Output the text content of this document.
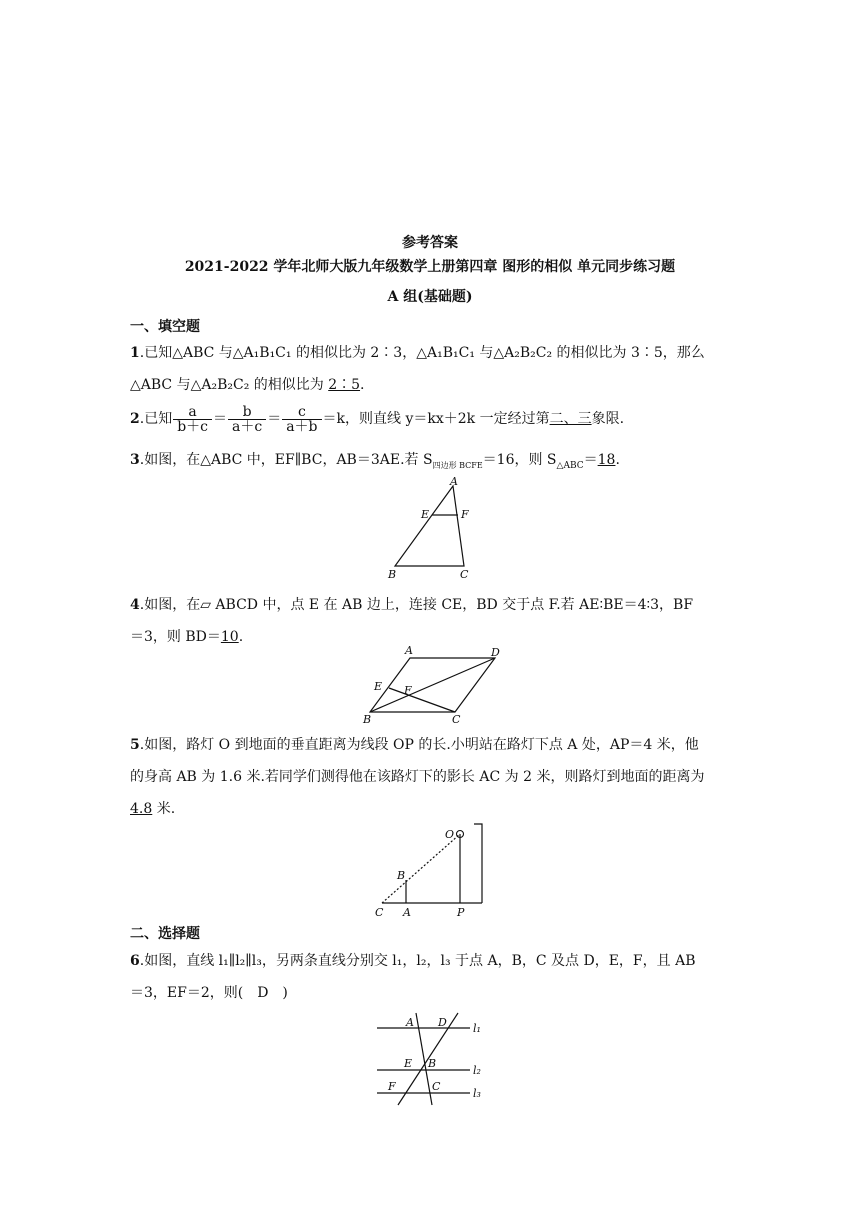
参考答案
2021-2022 学年北师大版九年级数学上册第四章 图形的相似 单元同步练习题
A 组(基础题)
一、填空题
1.已知△ABC 与△A₁B₁C₁ 的相似比为 2∶3，△A₁B₁C₁ 与△A₂B₂C₂ 的相似比为 3∶5，那么
△ABC 与△A₂B₂C₂ 的相似比为 2∶5.
2.已知 $\frac{a}{b+c} = \frac{b}{a+c} = \frac{c}{a+b} =k$，则直线 y＝kx＋2k 一定经过第二、三象限.
3.如图，在△ABC 中，EF∥BC，AB＝3AE.若 $S_{四边形 BCFE}=16$，则 $S_{\triangle ABC}=18$.
A
E	F
B	C
4.如图，在▱ ABCD 中，点 E 在 AB 边上，连接 CE，BD 交于点 F.若 AE∶BE＝4∶3，BF
＝3，则 BD＝10.
A	D
E F
B	C
5.如图，路灯 O 到地面的垂直距离为线段 OP 的长.小明站在路灯下点 A 处，AP＝4 米，他
的身高 AB 为 1.6 米.若同学们测得他在该路灯下的影长 AC 为 2 米，则路灯到地面的距离为
4.8 米.
O
B
C A	P
二、选择题
6.如图，直线 l₁∥l₂∥l₃，另两条直线分别交 l₁，l₂，l₃ 于点 A，B，C 及点 D，E，F，且 AB
＝3，EF＝2，则(　D　)
A D
E B
F	C
l₁
l₂
l₃
